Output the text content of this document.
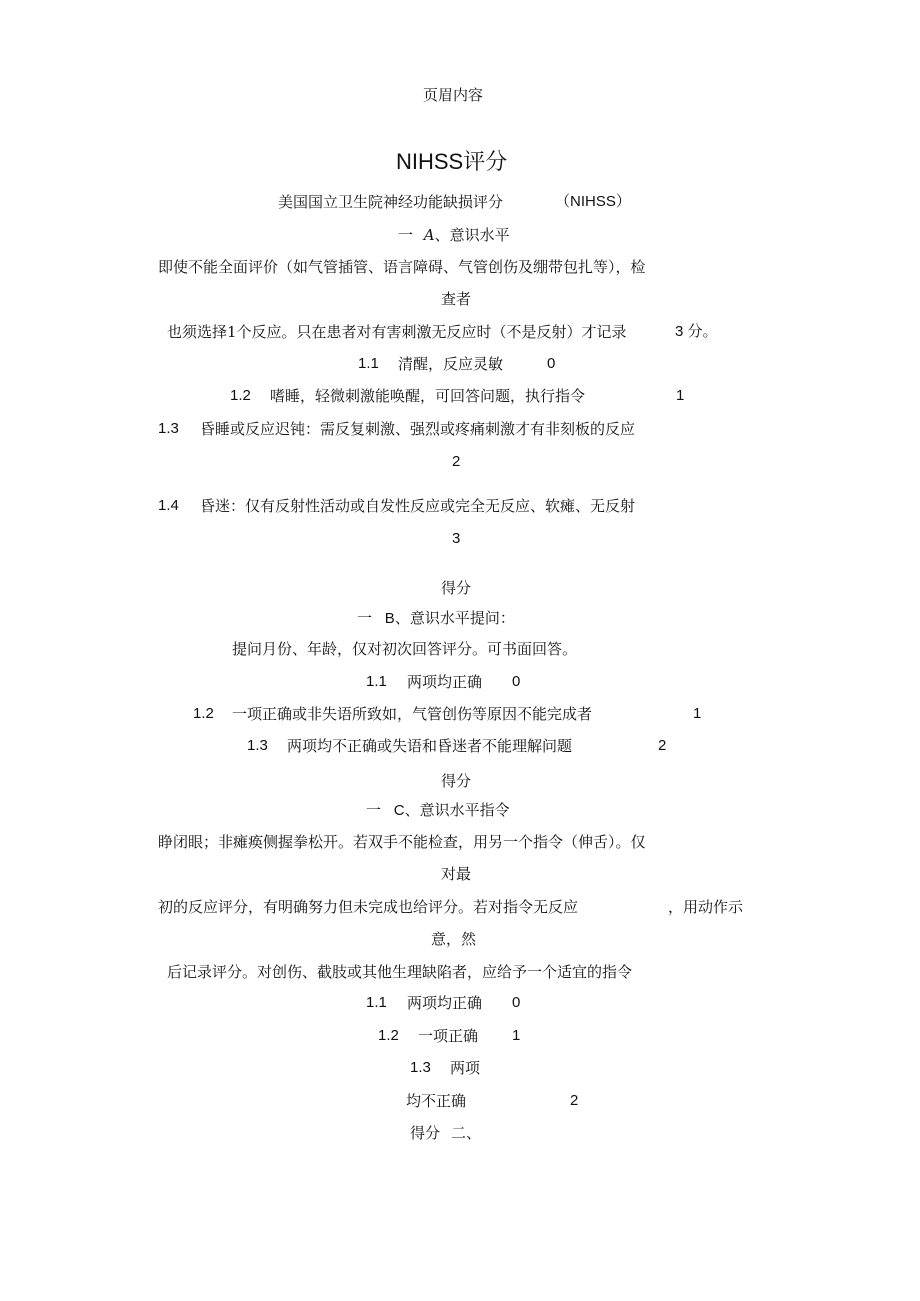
页眉内容
NIHSS评分
美国国立卫生院神经功能缺损评分	（NIHSS）
一 A、意识水平
即使不能全面评价（如气管插管、语言障碍、气管创伤及绷带包扎等），检
查者
也须选择1个反应。只在患者对有害刺激无反应时（不是反射）才记录	3 分。
1.1 清醒，反应灵敏	0
1.2 嗜睡，轻微刺激能唤醒，可回答问题，执行指令	1
1.3 昏睡或反应迟钝：需反复刺激、强烈或疼痛刺激才有非刻板的反应
2
1.4 昏迷：仅有反射性活动或自发性反应或完全无反应、软瘫、无反射
3
得分
一 B、意识水平提问：
提问月份、年龄，仅对初次回答评分。可书面回答。
1.1 两项均正确 0
1.2 一项正确或非失语所致如，气管创伤等原因不能完成者	1
1.3 两项均不正确或失语和昏迷者不能理解问题	2
得分
一 C、意识水平指令
睁闭眼；非瘫痪侧握拳松开。若双手不能检查，用另一个指令（伸舌）。仅
对最
初的反应评分，有明确努力但未完成也给评分。若对指令无反应	，用动作示
意，然
后记录评分。对创伤、截肢或其他生理缺陷者，应给予一个适宜的指令
1.1 两项均正确 0
1.2 一项正确 1
1.3 两项
均不正确	2
得分 二、
